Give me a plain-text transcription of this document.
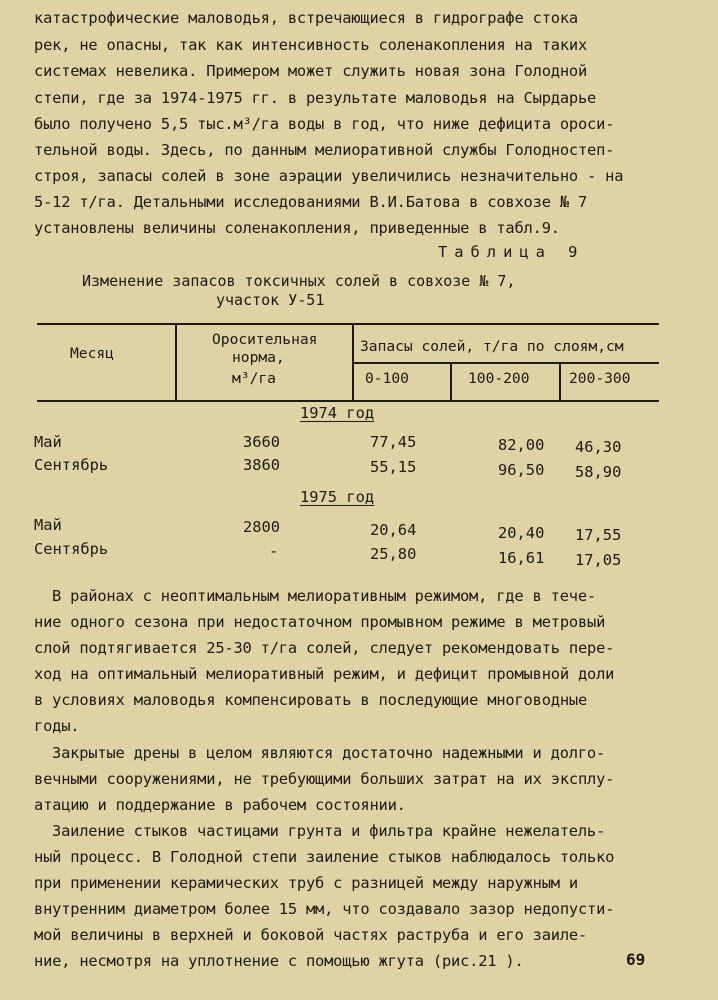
катастрофические маловодья, встречающиеся в гидрографе стока
рек, не опасны, так как интенсивность соленакопления на таких
системах невелика. Примером может служить новая зона Голодной
степи, где за 1974-1975 гг. в результате маловодья на Сырдарье
было получено 5,5 тыс.м³/га воды в год, что ниже дефицита ороси-
тельной воды. Здесь, по данным мелиоративной службы Голодностеп-
строя, запасы солей в зоне аэрации увеличились незначительно - на
5-12 т/га. Детальными исследованиями В.И.Батова в совхозе № 7
установлены величины соленакопления, приведенные в табл.9.
Таблица 9
Изменение запасов токсичных солей в совхозе № 7,
участок У-51
Месяц
Оросительная
норма,
м³/га
Запасы солей, т/га по слоям,см
0-100	100-200	200-300
1974 год
Май	3660	77,45	82,00 46,30
Сентябрь	3860	55,15	96,50 58,90
1975 год
Май	2800	20,64	20,40 17,55
Сентябрь	-	25,80	16,61 17,05
В районах с неоптимальным мелиоративным режимом, где в тече-
ние одного сезона при недостаточном промывном режиме в метровый
слой подтягивается 25-30 т/га солей, следует рекомендовать пере-
ход на оптимальный мелиоративный режим, и дефицит промывной доли
в условиях маловодья компенсировать в последующие многоводные
годы.
Закрытые дрены в целом являются достаточно надежными и долго-
вечными сооружениями, не требующими больших затрат на их эксплу-
атацию и поддержание в рабочем состоянии.
Заиление стыков частицами грунта и фильтра крайне нежелатель-
ный процесс. В Голодной степи заиление стыков наблюдалось только
при применении керамических труб с разницей между наружным и
внутренним диаметром более 15 мм, что создавало зазор недопусти-
мой величины в верхней и боковой частях раструба и его заиле-
ние, несмотря на уплотнение с помощью жгута (рис.21 ).	69
